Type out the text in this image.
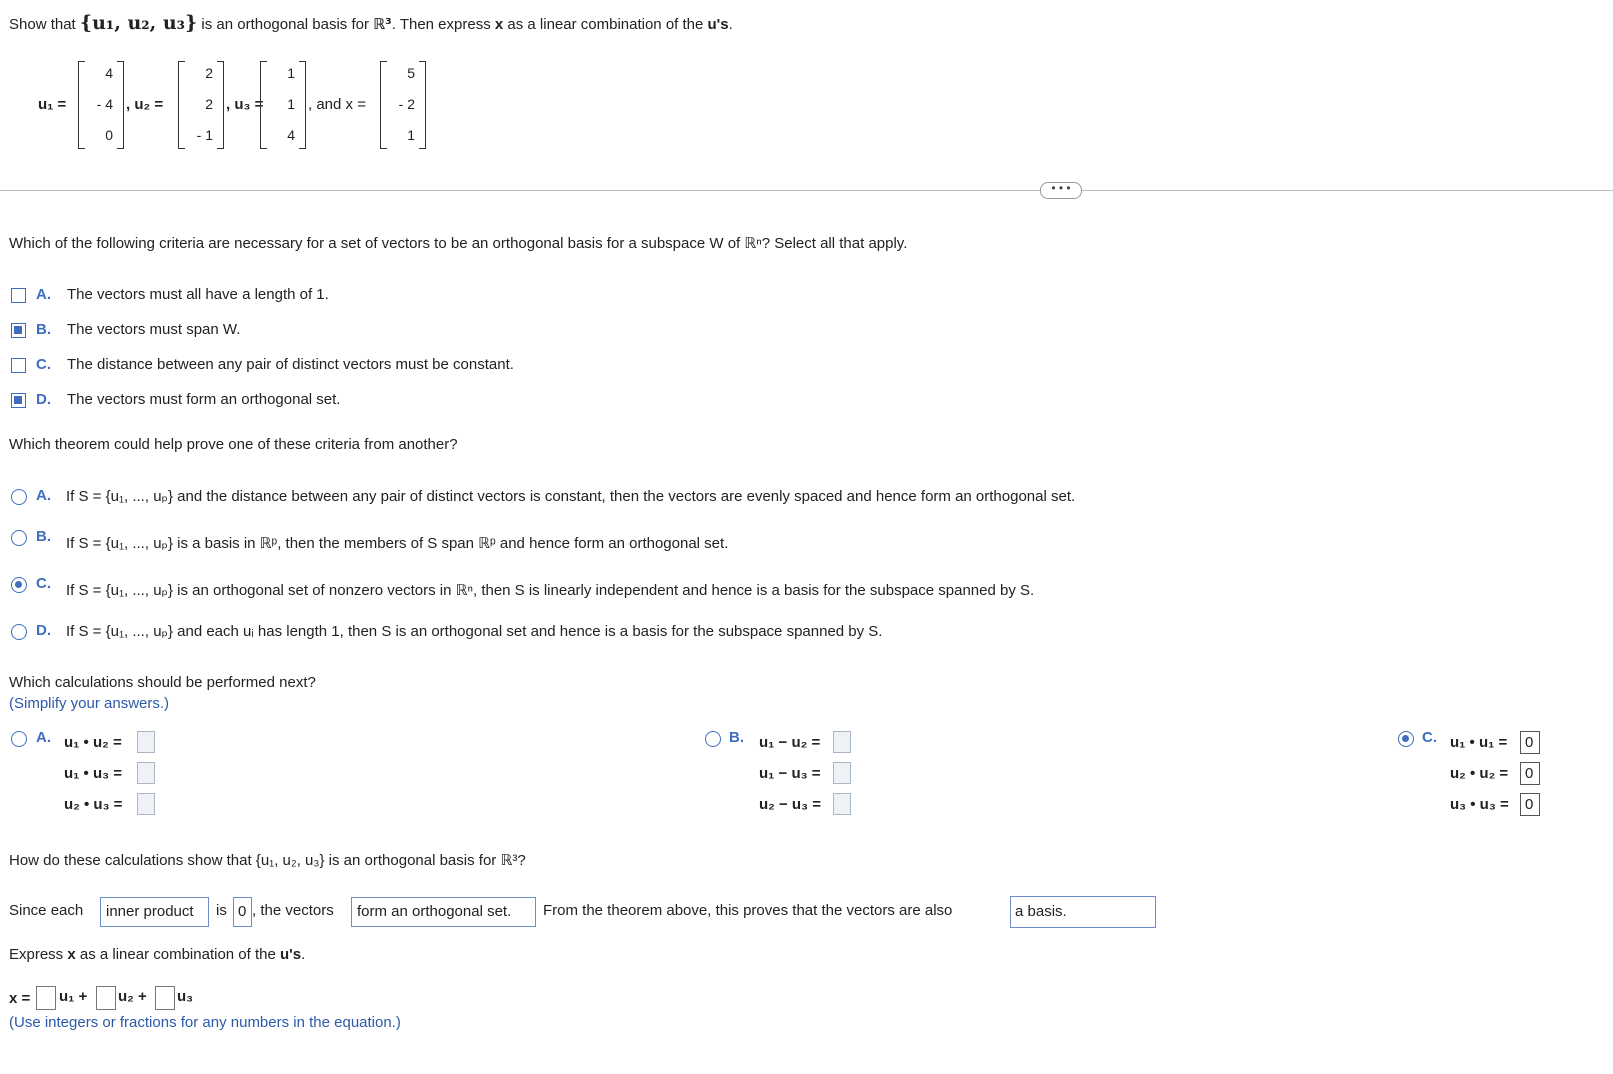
Show that {u₁, u₂, u₃} is an orthogonal basis for ℝ³. Then express x as a linear combination of the u's.
u₁ =
4
- 4
0
, u₂ =
2
2
- 1
, u₃ =
1
1
4
, and x =
5
- 2
1
• • •
Which of the following criteria are necessary for a set of vectors to be an orthogonal basis for a subspace W of ℝⁿ? Select all that apply.
A. The vectors must all have a length of 1.
B. The vectors must span W.
C. The distance between any pair of distinct vectors must be constant.
D. The vectors must form an orthogonal set.
Which theorem could help prove one of these criteria from another?
A. If S = {u₁, ..., uₚ} and the distance between any pair of distinct vectors is constant, then the vectors are evenly spaced and hence form an orthogonal set.
B. If S = {u₁, ..., uₚ} is a basis in ℝᵖ, then the members of S span ℝᵖ and hence form an orthogonal set.
C. If S = {u₁, ..., uₚ} is an orthogonal set of nonzero vectors in ℝⁿ, then S is linearly independent and hence is a basis for the subspace spanned by S.
D. If S = {u₁, ..., uₚ} and each uᵢ has length 1, then S is an orthogonal set and hence is a basis for the subspace spanned by S.
Which calculations should be performed next?
(Simplify your answers.)
A. u₁ • u₂ =
u₁ • u₃ =
u₂ • u₃ =
B. u₁ − u₂ =
u₁ − u₃ =
u₂ − u₃ =
C. u₁ • u₁ = 0
u₂ • u₂ = 0
u₃ • u₃ = 0
How do these calculations show that {u₁, u₂, u₃} is an orthogonal basis for ℝ³?
Since each	inner product	is 0 , the vectors	form an orthogonal set.	From the theorem above, this proves that the vectors are also	a basis.
Express x as a linear combination of the u's.
x = u₁ + u₂ + u₃
(Use integers or fractions for any numbers in the equation.)
